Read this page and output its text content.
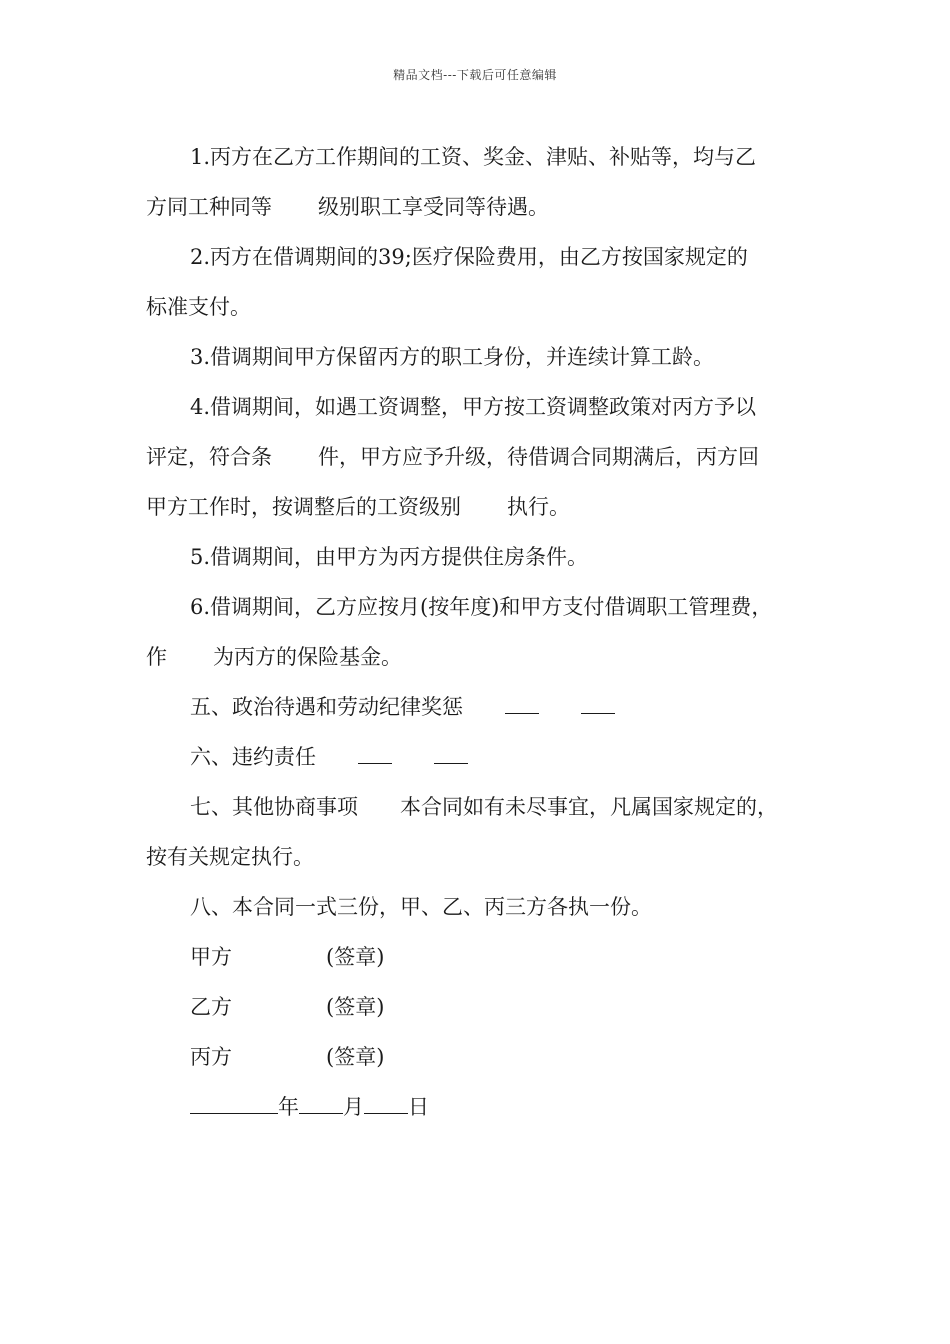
精品文档---下载后可任意编辑
1.丙方在乙方工作期间的工资、奖金、津贴、补贴等，均与乙
方同工种同等 级别职工享受同等待遇。
2.丙方在借调期间的39;医疗保险费用，由乙方按国家规定的
标准支付。
3.借调期间甲方保留丙方的职工身份，并连续计算工龄。
4.借调期间，如遇工资调整，甲方按工资调整政策对丙方予以
评定，符合条 件，甲方应予升级，待借调合同期满后，丙方回
甲方工作时，按调整后的工资级别 执行。
5.借调期间，由甲方为丙方提供住房条件。
6.借调期间，乙方应按月(按年度)和甲方支付借调职工管理费，
作 为丙方的保险基金。
五、政治待遇和劳动纪律奖惩
六、违约责任
七、其他协商事项 本合同如有未尽事宜，凡属国家规定的，
按有关规定执行。
八、本合同一式三份，甲、乙、丙三方各执一份。
甲方	(签章)
乙方	(签章)
丙方	(签章)
年 月 日
